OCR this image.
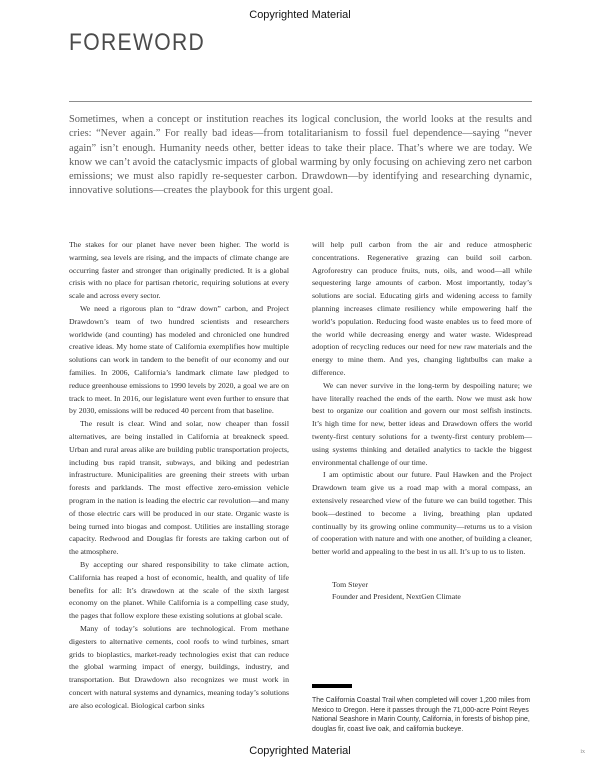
Copyrighted Material
FOREWORD

Sometimes, when a concept or institution reaches its logical conclusion, the world looks at the results and cries: “Never again.” For really bad ideas—from totalitarianism to fossil fuel dependence—saying “never again” isn’t enough. Humanity needs other, better ideas to take their place. That’s where we are today. We know we can’t avoid the cataclysmic impacts of global warming by only focusing on achieving zero net carbon emissions; we must also rapidly re-sequester carbon. Drawdown—by identifying and researching dynamic, innovative solutions—creates the playbook for this urgent goal.

The stakes for our planet have never been higher. The world is warming, sea levels are rising, and the impacts of climate change are occurring faster and stronger than originally predicted. It is a global crisis with no place for partisan rhetoric, requiring solutions at every scale and across every sector.

We need a rigorous plan to “draw down” carbon, and Project Drawdown’s team of two hundred scientists and researchers worldwide (and counting) has modeled and chronicled one hundred creative ideas. My home state of California exemplifies how multiple solutions can work in tandem to the benefit of our economy and our families. In 2006, California’s landmark climate law pledged to reduce greenhouse emissions to 1990 levels by 2020, a goal we are on track to meet. In 2016, our legislature went even further to ensure that by 2030, emissions will be reduced 40 percent from that baseline.

The result is clear. Wind and solar, now cheaper than fossil alternatives, are being installed in California at breakneck speed. Urban and rural areas alike are building public transportation projects, including bus rapid transit, subways, and biking and pedestrian infrastructure. Municipalities are greening their streets with urban forests and parklands. The most effective zero-emission vehicle program in the nation is leading the electric car revolution—and many of those electric cars will be produced in our state. Organic waste is being turned into biogas and compost. Utilities are installing storage capacity. Redwood and Douglas fir forests are taking carbon out of the atmosphere.

By accepting our shared responsibility to take climate action, California has reaped a host of economic, health, and quality of life benefits for all: It’s drawdown at the scale of the sixth largest economy on the planet. While California is a compelling case study, the pages that follow explore these existing solutions at global scale.

Many of today’s solutions are technological. From methane digesters to alternative cements, cool roofs to wind turbines, smart grids to bioplastics, market-ready technologies exist that can reduce the global warming impact of energy, buildings, industry, and transportation. But Drawdown also recognizes we must work in concert with natural systems and dynamics, meaning today’s solutions are also ecological. Biological carbon sinks

will help pull carbon from the air and reduce atmospheric concentrations. Regenerative grazing can build soil carbon. Agroforestry can produce fruits, nuts, oils, and wood—all while sequestering large amounts of carbon. Most importantly, today’s solutions are social. Educating girls and widening access to family planning increases climate resiliency while empowering half the world’s population. Reducing food waste enables us to feed more of the world while decreasing energy and water waste. Widespread adoption of recycling reduces our need for new raw materials and the energy to mine them. And yes, changing lightbulbs can make a difference.

We can never survive in the long-term by despoiling nature; we have literally reached the ends of the earth. Now we must ask how best to organize our coalition and govern our most selfish instincts. It’s high time for new, better ideas and Drawdown offers the world twenty-first century solutions for a twenty-first century problem—using systems thinking and detailed analytics to tackle the biggest environmental challenge of our time.

I am optimistic about our future. Paul Hawken and the Project Drawdown team give us a road map with a moral compass, an extensively researched view of the future we can build together. This book—destined to become a living, breathing plan updated continually by its growing online community—returns us to a vision of cooperation with nature and with one another, of building a cleaner, better world and appealing to the best in us all. It’s up to us to listen.

Tom Steyer
Founder and President, NextGen Climate

The California Coastal Trail when completed will cover 1,200 miles from Mexico to Oregon. Here it passes through the 71,000-acre Point Reyes National Seashore in Marin County, California, in forests of bishop pine, douglas fir, coast live oak, and california buckeye.

Copyrighted Material	ix
